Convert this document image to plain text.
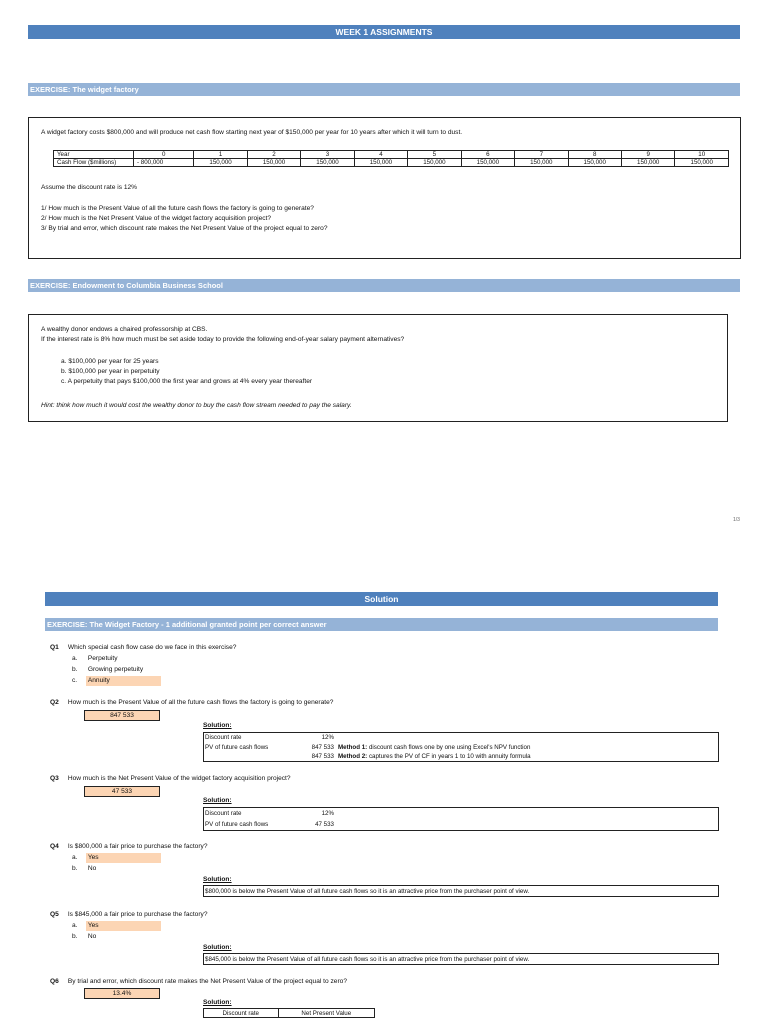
WEEK 1 ASSIGNMENTS
EXERCISE: The widget factory
A widget factory costs $800,000 and will produce net cash flow starting next year of $150,000 per year for 10 years after which it will turn to dust.
Year	0	1	2	3	4	5	6	7	8	9	10
Cash Flow ($millions)	- 800,000	150,000	150,000	150,000	150,000	150,000	150,000	150,000	150,000	150,000	150,000
Assume the discount rate is 12%
1/ How much is the Present Value of all the future cash flows the factory is going to generate?
2/ How much is the Net Present Value of the widget factory acquisition project?
3/ By trial and error, which discount rate makes the Net Present Value of the project equal to zero?
EXERCISE: Endowment to Columbia Business School
A wealthy donor endows a chaired professorship at CBS.
If the interest rate is 8% how much must be set aside today to provide the following end-of-year salary payment alternatives?
a. $100,000 per year for 25 years
b. $100,000 per year in perpetuity
c. A perpetuity that pays $100,000 the first year and grows at 4% every year thereafter
Hint: think how much it would cost the wealthy donor to buy the cash flow stream needed to pay the salary.
1/3
Solution
EXERCISE: The Widget Factory - 1 additional granted point per correct answer
Q1 Which special cash flow case do we face in this exercise?
a. Perpetuity
b. Growing perpetuity
c. Annuity
Q2 How much is the Present Value of all the future cash flows the factory is going to generate?
847 533
Solution:
Discount rate	12%
PV of future cash flows	847 533 Method 1: discount cash flows one by one using Excel's NPV function
847 533 Method 2: captures the PV of CF in years 1 to 10 with annuity formula
Q3 How much is the Net Present Value of the widget factory acquisition project?
47 533
Solution:
Discount rate	12%
PV of future cash flows	47 533
Q4 Is $800,000 a fair price to purchase the factory?
a. Yes
b. No
Solution:
$800,000 is below the Present Value of all future cash flows so it is an attractive price from the purchaser point of view.
Q5 Is $845,000 a fair price to purchase the factory?
a. Yes
b. No
Solution:
$845,000 is below the Present Value of all future cash flows so it is an attractive price from the purchaser point of view.
Q6 By trial and error, which discount rate makes the Net Present Value of the project equal to zero?
13.4%
Solution:
Discount rate	Net Present Value
